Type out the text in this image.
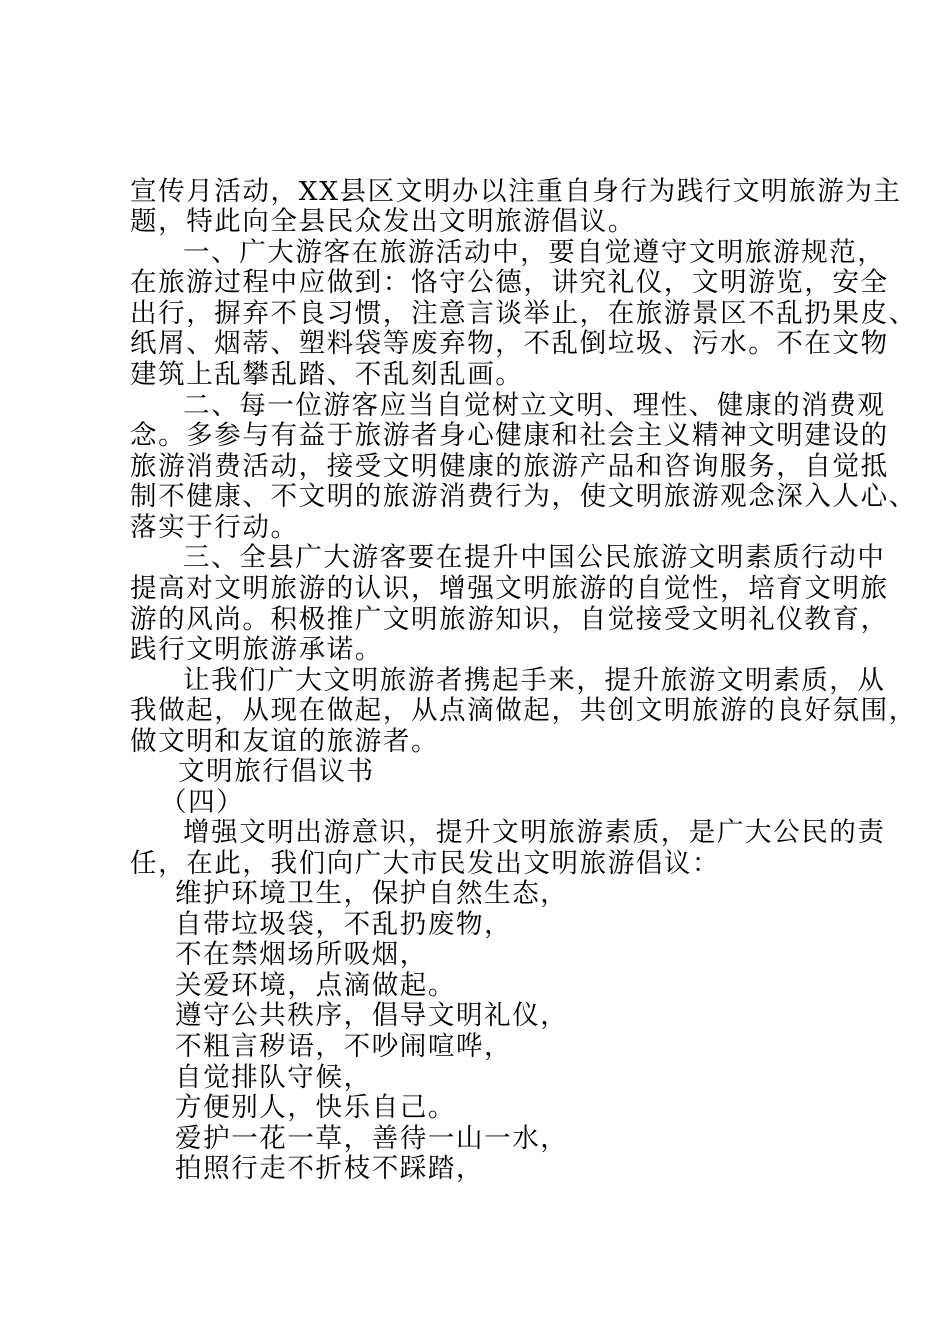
宣传月活动，XX县区文明办以注重自身行为践行文明旅游为主
题，特此向全县民众发出文明旅游倡议。
一、广大游客在旅游活动中，要自觉遵守文明旅游规范，
在旅游过程中应做到：恪守公德，讲究礼仪，文明游览，安全
出行，摒弃不良习惯，注意言谈举止，在旅游景区不乱扔果皮、
纸屑、烟蒂、塑料袋等废弃物，不乱倒垃圾、污水。不在文物
建筑上乱攀乱踏、不乱刻乱画。
二、每一位游客应当自觉树立文明、理性、健康的消费观
念。多参与有益于旅游者身心健康和社会主义精神文明建设的
旅游消费活动，接受文明健康的旅游产品和咨询服务，自觉抵
制不健康、不文明的旅游消费行为，使文明旅游观念深入人心、
落实于行动。
三、全县广大游客要在提升中国公民旅游文明素质行动中
提高对文明旅游的认识，增强文明旅游的自觉性，培育文明旅
游的风尚。积极推广文明旅游知识，自觉接受文明礼仪教育，
践行文明旅游承诺。
让我们广大文明旅游者携起手来，提升旅游文明素质，从
我做起，从现在做起，从点滴做起，共创文明旅游的良好氛围，
做文明和友谊的旅游者。
文明旅行倡议书
（四）
增强文明出游意识，提升文明旅游素质，是广大公民的责
任，在此，我们向广大市民发出文明旅游倡议：
维护环境卫生，保护自然生态，
自带垃圾袋，不乱扔废物，
不在禁烟场所吸烟，
关爱环境，点滴做起。
遵守公共秩序，倡导文明礼仪，
不粗言秽语，不吵闹喧哗，
自觉排队守候，
方便别人，快乐自己。
爱护一花一草，善待一山一水，
拍照行走不折枝不踩踏，
